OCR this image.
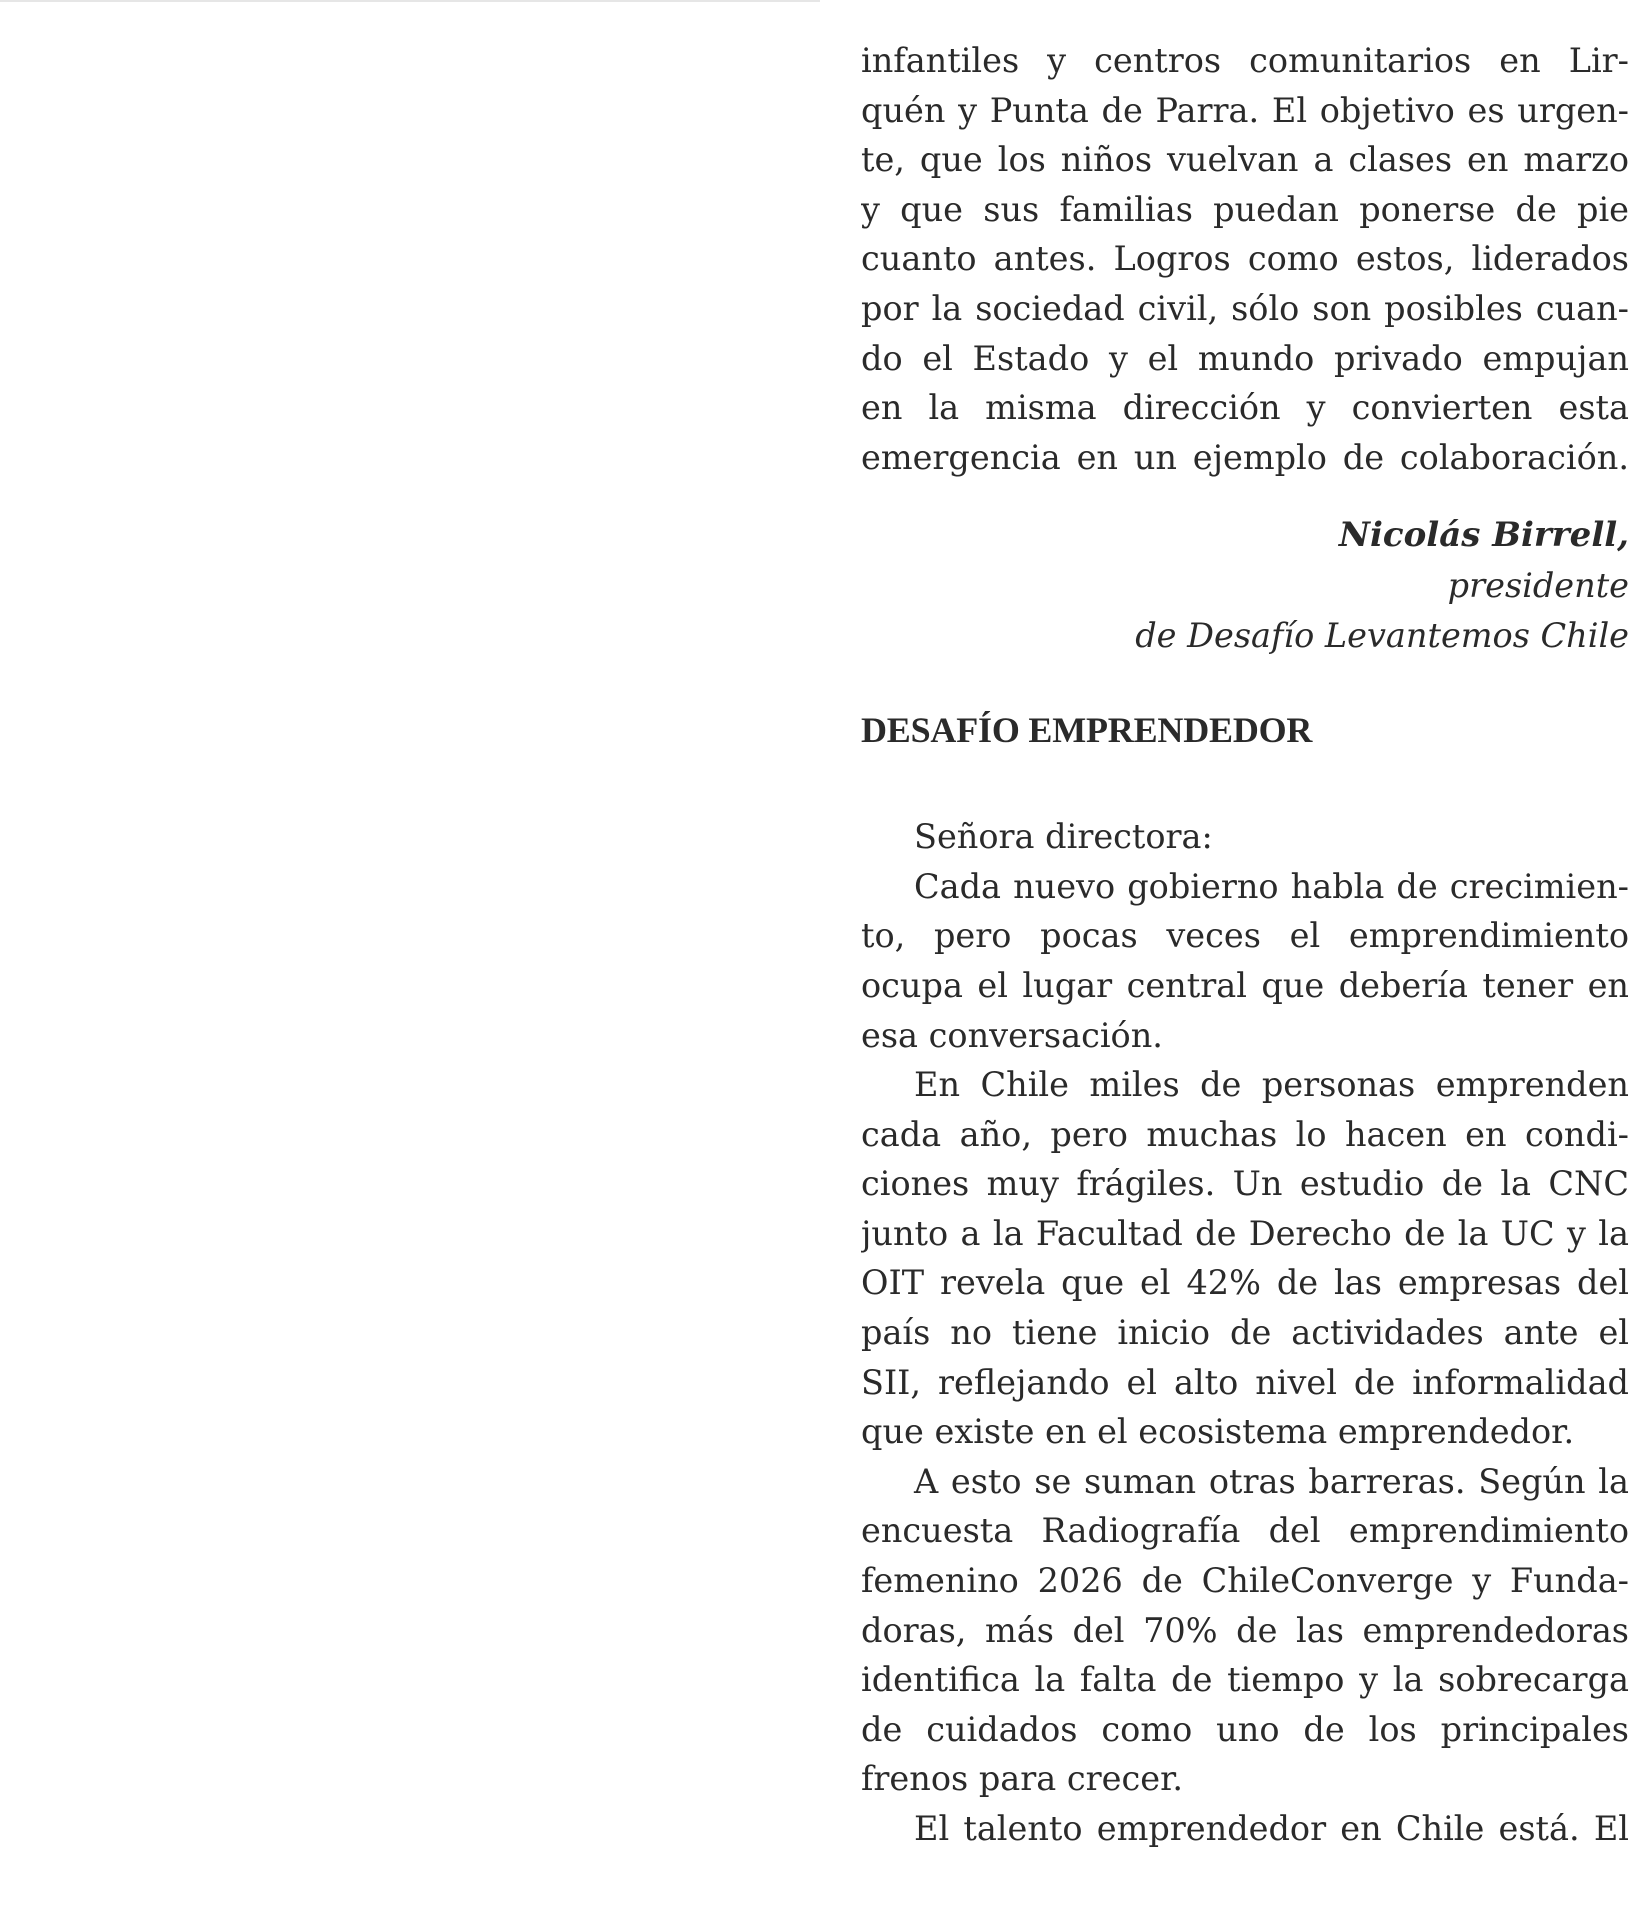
infantiles y centros comunitarios en Lir-
quén y Punta de Parra. El objetivo es urgen-
te, que los niños vuelvan a clases en marzo
y que sus familias puedan ponerse de pie
cuanto antes. Logros como estos, liderados
por la sociedad civil, sólo son posibles cuan-
do el Estado y el mundo privado empujan
en la misma dirección y convierten esta
emergencia en un ejemplo de colaboración.
Nicolás Birrell,
presidente
de Desafío Levantemos Chile
DESAFÍO EMPRENDEDOR
Señora directora:
Cada nuevo gobierno habla de crecimien-
to, pero pocas veces el emprendimiento
ocupa el lugar central que debería tener en
esa conversación.
En Chile miles de personas emprenden
cada año, pero muchas lo hacen en condi-
ciones muy frágiles. Un estudio de la CNC
junto a la Facultad de Derecho de la UC y la
OIT revela que el 42% de las empresas del
país no tiene inicio de actividades ante el
SII, reflejando el alto nivel de informalidad
que existe en el ecosistema emprendedor.
A esto se suman otras barreras. Según la
encuesta Radiografía del emprendimiento
femenino 2026 de ChileConverge y Funda-
doras, más del 70% de las emprendedoras
identifica la falta de tiempo y la sobrecarga
de cuidados como uno de los principales
frenos para crecer.
El talento emprendedor en Chile está. El
